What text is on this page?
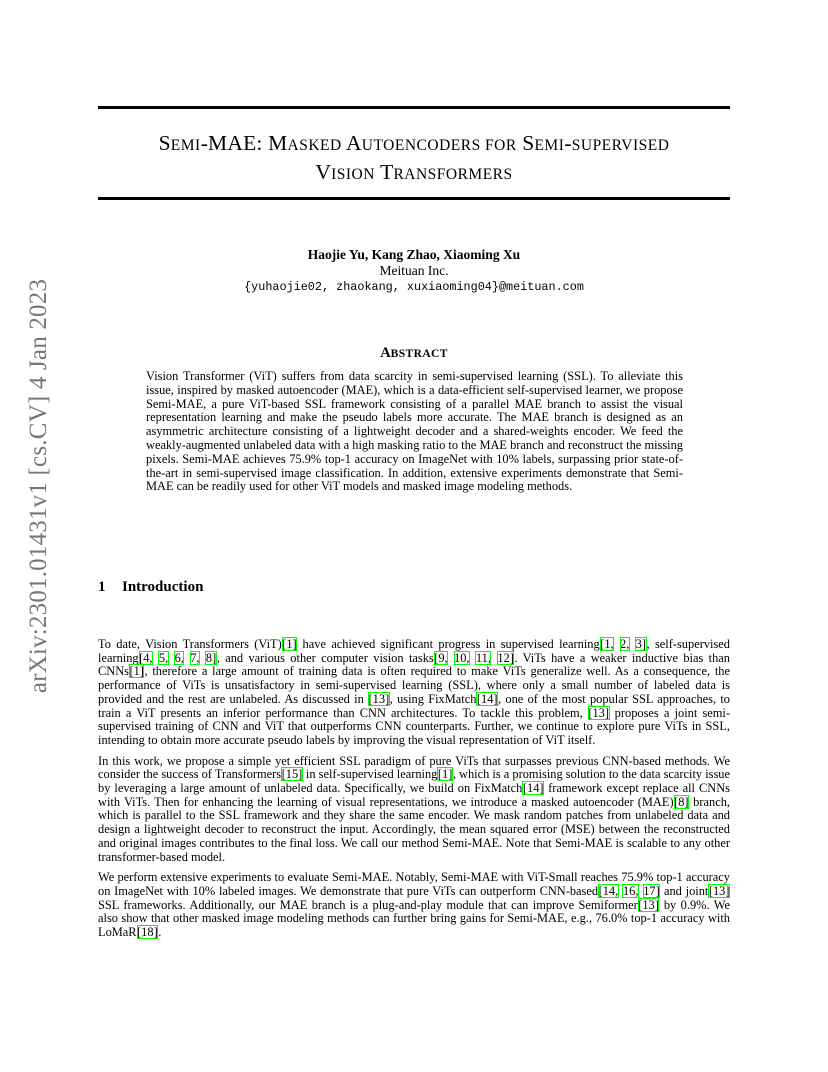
SEMI-MAE: MASKED AUTOENCODERS FOR SEMI-SUPERVISED
VISION TRANSFORMERS
Haojie Yu, Kang Zhao, Xiaoming Xu
Meituan Inc.
{yuhaojie02, zhaokang, xuxiaoming04}@meituan.com
arXiv:2301.01431v1 [cs.CV] 4 Jan 2023	ABSTRACT
Vision Transformer (ViT) suffers from data scarcity in semi-supervised learning (SSL). To alleviate this issue, inspired by masked autoencoder (MAE), which is a data-efficient self-supervised learner, we propose Semi-MAE, a pure ViT-based SSL framework consisting of a parallel MAE branch to assist the visual representation learning and make the pseudo labels more accurate. The MAE branch is designed as an asymmetric architecture consisting of a lightweight decoder and a shared-weights encoder. We feed the weakly-augmented unlabeled data with a high masking ratio to the MAE branch and reconstruct the missing pixels. Semi-MAE achieves 75.9% top-1 accuracy on ImageNet with 10% labels, surpassing prior state-of-the-art in semi-supervised image classification. In addition, extensive experiments demonstrate that Semi-MAE can be readily used for other ViT models and masked image modeling methods.
1 Introduction

To date, Vision Transformers (ViT)[1] have achieved significant progress in supervised learning[1, 2, 3], self-supervised learning[4, 5, 6, 7, 8], and various other computer vision tasks[9, 10, 11, 12]. ViTs have a weaker inductive bias than CNNs[1], therefore a large amount of training data is often required to make ViTs generalize well. As a consequence, the performance of ViTs is unsatisfactory in semi-supervised learning (SSL), where only a small number of labeled data is provided and the rest are unlabeled. As discussed in [13], using FixMatch[14], one of the most popular SSL approaches, to train a ViT presents an inferior performance than CNN architectures. To tackle this problem, [13] proposes a joint semi-supervised training of CNN and ViT that outperforms CNN counterparts. Further, we continue to explore pure ViTs in SSL, intending to obtain more accurate pseudo labels by improving the visual representation of ViT itself.

In this work, we propose a simple yet efficient SSL paradigm of pure ViTs that surpasses previous CNN-based methods. We consider the success of Transformers[15] in self-supervised learning[1], which is a promising solution to the data scarcity issue by leveraging a large amount of unlabeled data. Specifically, we build on FixMatch[14] framework except replace all CNNs with ViTs. Then for enhancing the learning of visual representations, we introduce a masked autoencoder (MAE)[8] branch, which is parallel to the SSL framework and they share the same encoder. We mask random patches from unlabeled data and design a lightweight decoder to reconstruct the input. Accordingly, the mean squared error (MSE) between the reconstructed and original images contributes to the final loss. We call our method Semi-MAE. Note that Semi-MAE is scalable to any other transformer-based model.

We perform extensive experiments to evaluate Semi-MAE. Notably, Semi-MAE with ViT-Small reaches 75.9% top-1 accuracy on ImageNet with 10% labeled images. We demonstrate that pure ViTs can outperform CNN-based[14, 16, 17] and joint[13] SSL frameworks. Additionally, our MAE branch is a plug-and-play module that can improve Semiformer[13] by 0.9%. We also show that other masked image modeling methods can further bring gains for Semi-MAE, e.g., 76.0% top-1 accuracy with LoMaR[18].
